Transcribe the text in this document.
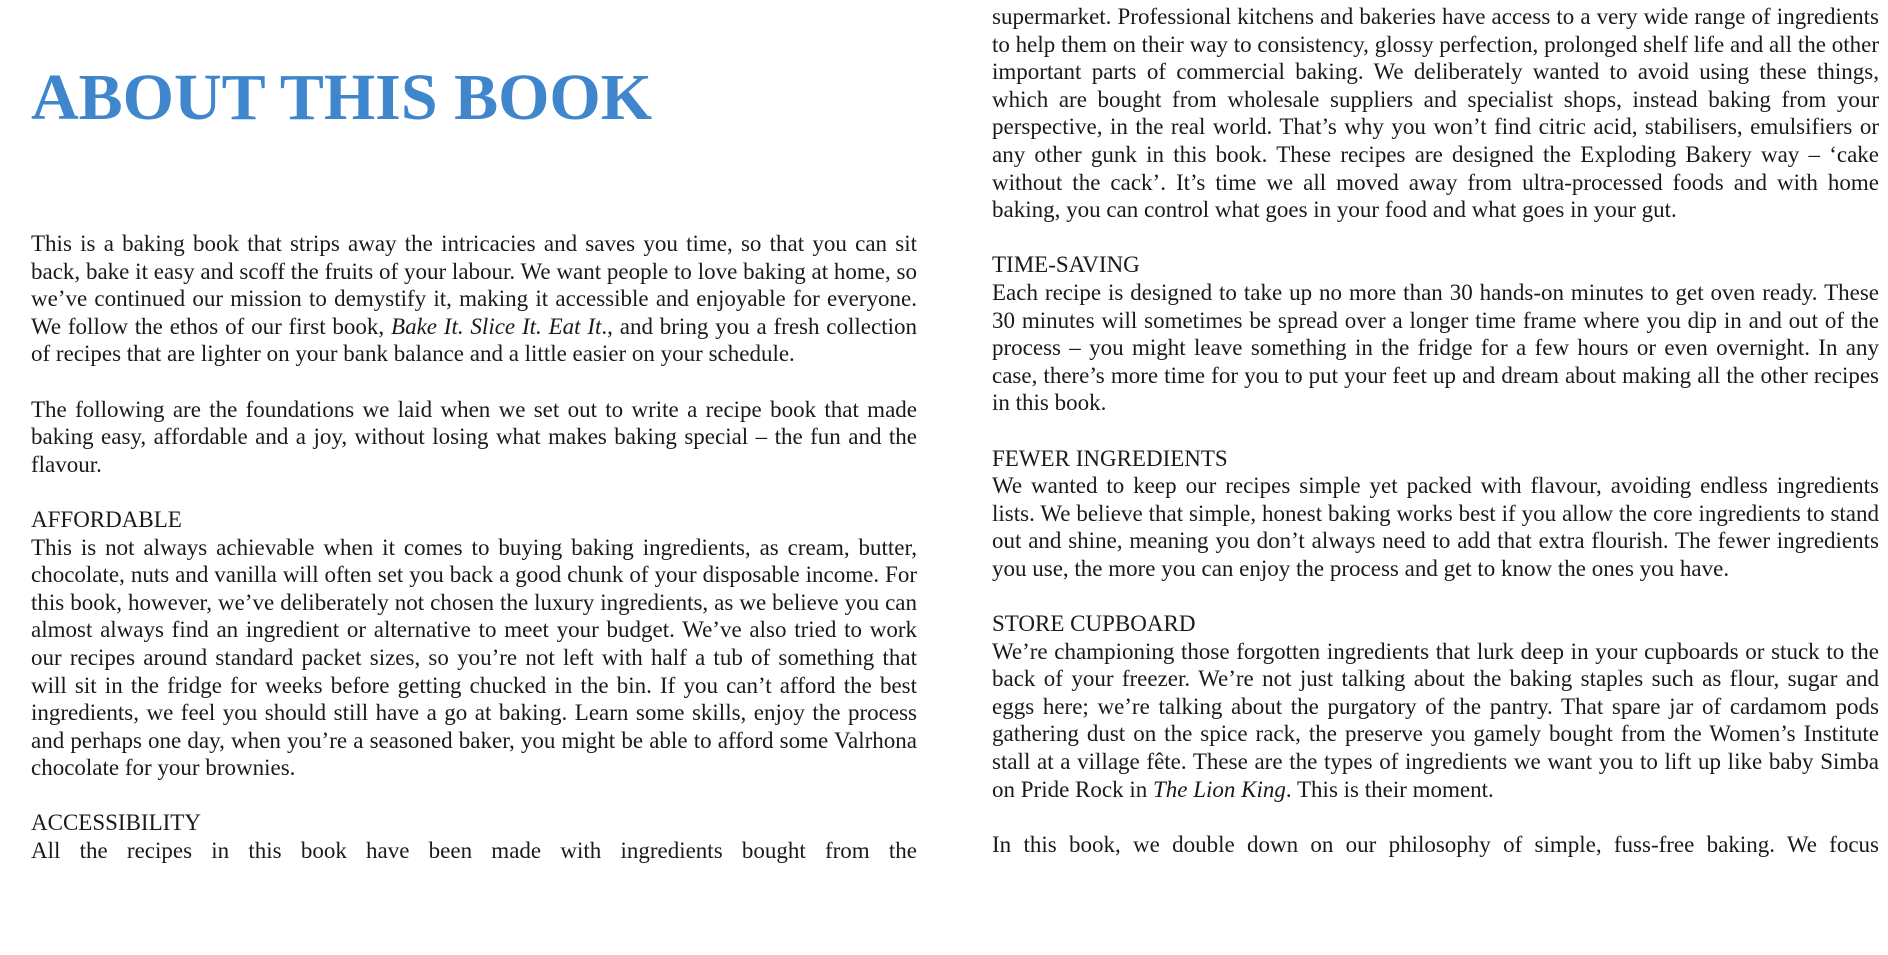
ABOUT THIS BOOK

This is a baking book that strips away the intricacies and saves you time, so that you can sit back, bake it easy and scoff the fruits of your labour. We want people to love baking at home, so we’ve continued our mission to demystify it, making it accessible and enjoyable for everyone. We follow the ethos of our first book, Bake It. Slice It. Eat It., and bring you a fresh collection of recipes that are lighter on your bank balance and a little easier on your schedule.

The following are the foundations we laid when we set out to write a recipe book that made baking easy, affordable and a joy, without losing what makes baking special – the fun and the flavour.

AFFORDABLE

This is not always achievable when it comes to buying baking ingredients, as cream, butter, chocolate, nuts and vanilla will often set you back a good chunk of your disposable income. For this book, however, we’ve deliberately not chosen the luxury ingredients, as we believe you can almost always find an ingredient or alternative to meet your budget. We’ve also tried to work our recipes around standard packet sizes, so you’re not left with half a tub of something that will sit in the fridge for weeks before getting chucked in the bin. If you can’t afford the best ingredients, we feel you should still have a go at baking. Learn some skills, enjoy the process and perhaps one day, when you’re a seasoned baker, you might be able to afford some Valrhona chocolate for your brownies.

ACCESSIBILITY

All the recipes in this book have been made with ingredients bought from the

supermarket. Professional kitchens and bakeries have access to a very wide range of ingredients to help them on their way to consistency, glossy perfection, prolonged shelf life and all the other important parts of commercial baking. We deliberately wanted to avoid using these things, which are bought from wholesale suppliers and specialist shops, instead baking from your perspective, in the real world. That’s why you won’t find citric acid, stabilisers, emulsifiers or any other gunk in this book. These recipes are designed the Exploding Bakery way – ‘cake without the cack’. It’s time we all moved away from ultra-processed foods and with home baking, you can control what goes in your food and what goes in your gut.

TIME-SAVING

Each recipe is designed to take up no more than 30 hands-on minutes to get oven ready. These 30 minutes will sometimes be spread over a longer time frame where you dip in and out of the process – you might leave something in the fridge for a few hours or even overnight. In any case, there’s more time for you to put your feet up and dream about making all the other recipes in this book.

FEWER INGREDIENTS

We wanted to keep our recipes simple yet packed with flavour, avoiding endless ingredients lists. We believe that simple, honest baking works best if you allow the core ingredients to stand out and shine, meaning you don’t always need to add that extra flourish. The fewer ingredients you use, the more you can enjoy the process and get to know the ones you have.

STORE CUPBOARD

We’re championing those forgotten ingredients that lurk deep in your cupboards or stuck to the back of your freezer. We’re not just talking about the baking staples such as flour, sugar and eggs here; we’re talking about the purgatory of the pantry. That spare jar of cardamom pods gathering dust on the spice rack, the preserve you gamely bought from the Women’s Institute stall at a village fête. These are the types of ingredients we want you to lift up like baby Simba on Pride Rock in The Lion King. This is their moment.

In this book, we double down on our philosophy of simple, fuss-free baking. We focus
